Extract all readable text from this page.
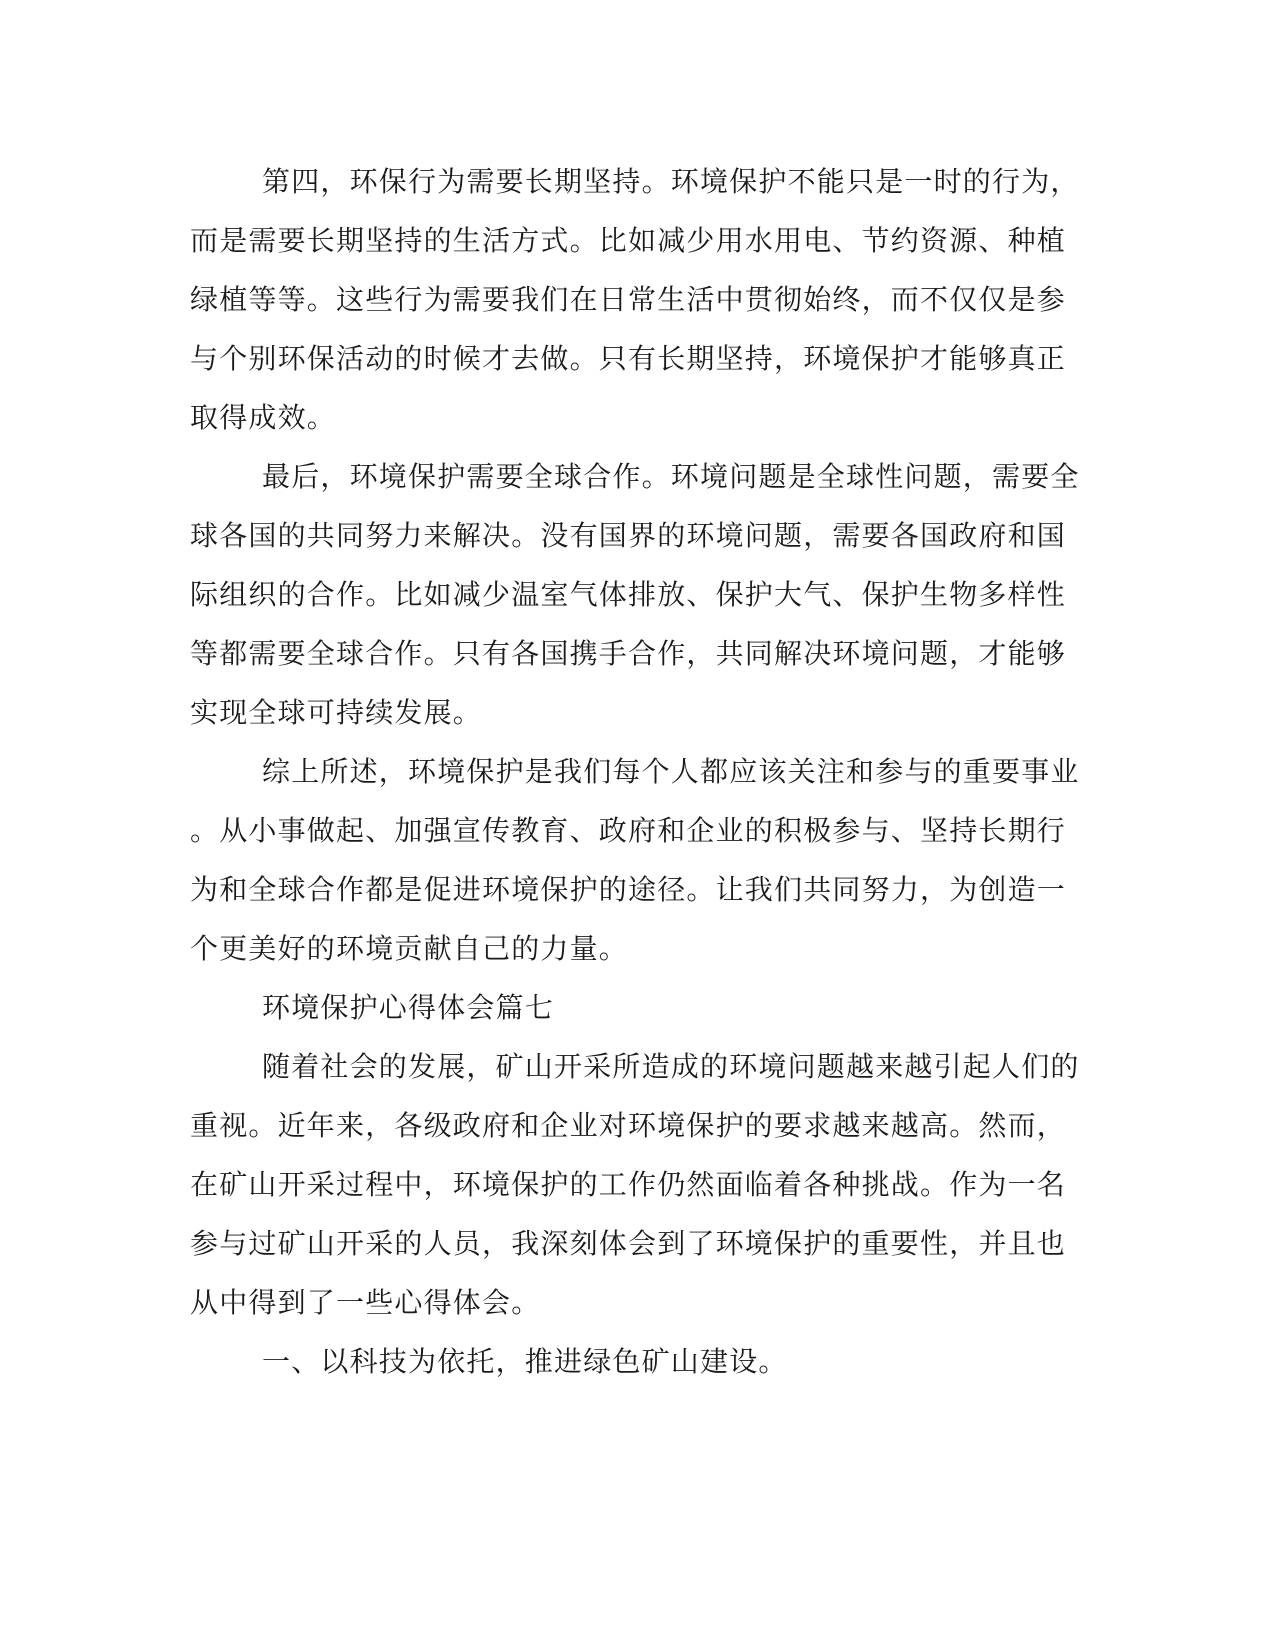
第四，环保行为需要长期坚持。环境保护不能只是一时的行为，
而是需要长期坚持的生活方式。比如减少用水用电、节约资源、种植
绿植等等。这些行为需要我们在日常生活中贯彻始终，而不仅仅是参
与个别环保活动的时候才去做。只有长期坚持，环境保护才能够真正
取得成效。
最后，环境保护需要全球合作。环境问题是全球性问题，需要全
球各国的共同努力来解决。没有国界的环境问题，需要各国政府和国
际组织的合作。比如减少温室气体排放、保护大气、保护生物多样性
等都需要全球合作。只有各国携手合作，共同解决环境问题，才能够
实现全球可持续发展。
综上所述，环境保护是我们每个人都应该关注和参与的重要事业
。从小事做起、加强宣传教育、政府和企业的积极参与、坚持长期行
为和全球合作都是促进环境保护的途径。让我们共同努力，为创造一
个更美好的环境贡献自己的力量。
环境保护心得体会篇七
随着社会的发展，矿山开采所造成的环境问题越来越引起人们的
重视。近年来，各级政府和企业对环境保护的要求越来越高。然而，
在矿山开采过程中，环境保护的工作仍然面临着各种挑战。作为一名
参与过矿山开采的人员，我深刻体会到了环境保护的重要性，并且也
从中得到了一些心得体会。
一、以科技为依托，推进绿色矿山建设。
